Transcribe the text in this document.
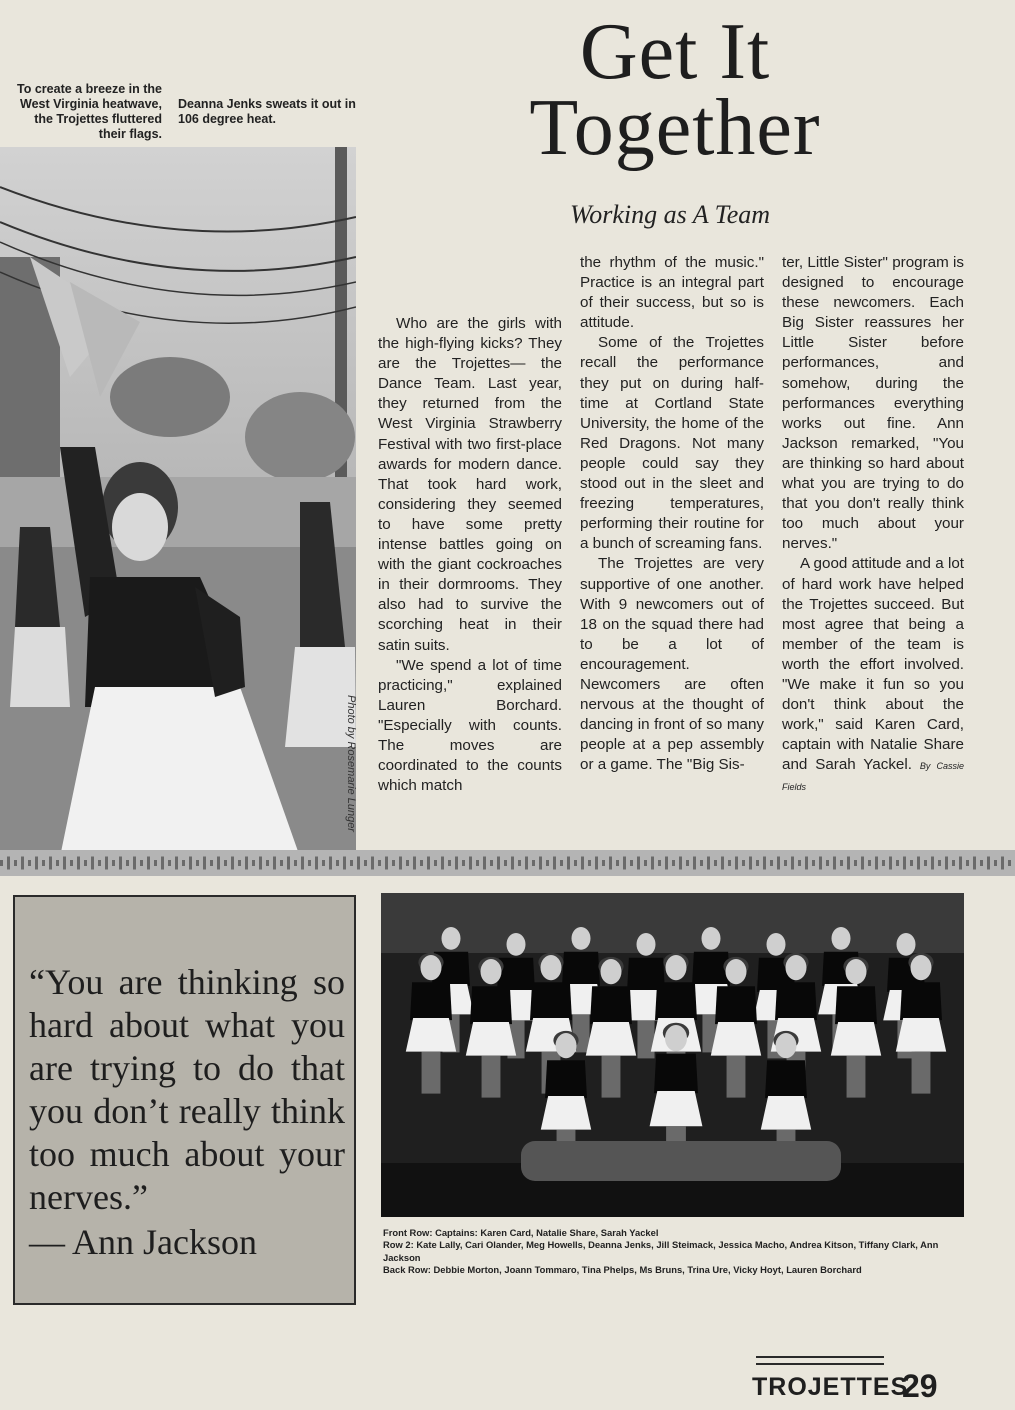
To create a breeze in the West Virginia heatwave, the Trojettes fluttered their flags.

Deanna Jenks sweats it out in 106 degree heat.

Photo by Rosemarie Lunger
Get It
Together
Working as A Team

Who are the girls with the high-flying kicks? They are the Trojettes— the Dance Team. Last year, they returned from the West Virginia Strawberry Festival with two first-place awards for modern dance. That took hard work, considering they seemed to have some pretty intense battles going on with the giant cockroaches in their dormrooms. They also had to survive the scorching heat in their satin suits.

"We spend a lot of time practicing," explained Lauren Borchard. "Especially with counts. The moves are coordinated to the counts which match

the rhythm of the music." Practice is an integral part of their success, but so is attitude.

Some of the Trojettes recall the performance they put on during half-time at Cortland State University, the home of the Red Dragons. Not many people could say they stood out in the sleet and freezing temperatures, performing their routine for a bunch of screaming fans.

The Trojettes are very supportive of one another. With 9 newcomers out of 18 on the squad there had to be a lot of encouragement. Newcomers are often nervous at the thought of dancing in front of so many people at a pep assembly or a game. The "Big Sis-

ter, Little Sister" program is designed to encourage these newcomers. Each Big Sister reassures her Little Sister before performances, and somehow, during the performances everything works out fine. Ann Jackson remarked, "You are thinking so hard about what you are trying to do that you don't really think too much about your nerves."

A good attitude and a lot of hard work have helped the Trojettes succeed. But most agree that being a member of the team is worth the effort involved. "We make it fun so you don't think about the work," said Karen Card, captain with Natalie Share and Sarah Yackel. By Cassie Fields

“You are thinking so hard about what you are trying to do that you don’t really think too much about your nerves.”

— Ann Jackson	Front Row: Captains: Karen Card, Natalie Share, Sarah Yackel
Row 2: Kate Lally, Cari Olander, Meg Howells, Deanna Jenks, Jill Steimack, Jessica Macho, Andrea Kitson, Tiffany Clark, Ann Jackson
Back Row: Debbie Morton, Joann Tommaro, Tina Phelps, Ms Bruns, Trina Ure, Vicky Hoyt, Lauren Borchard

TROJETTES

29
